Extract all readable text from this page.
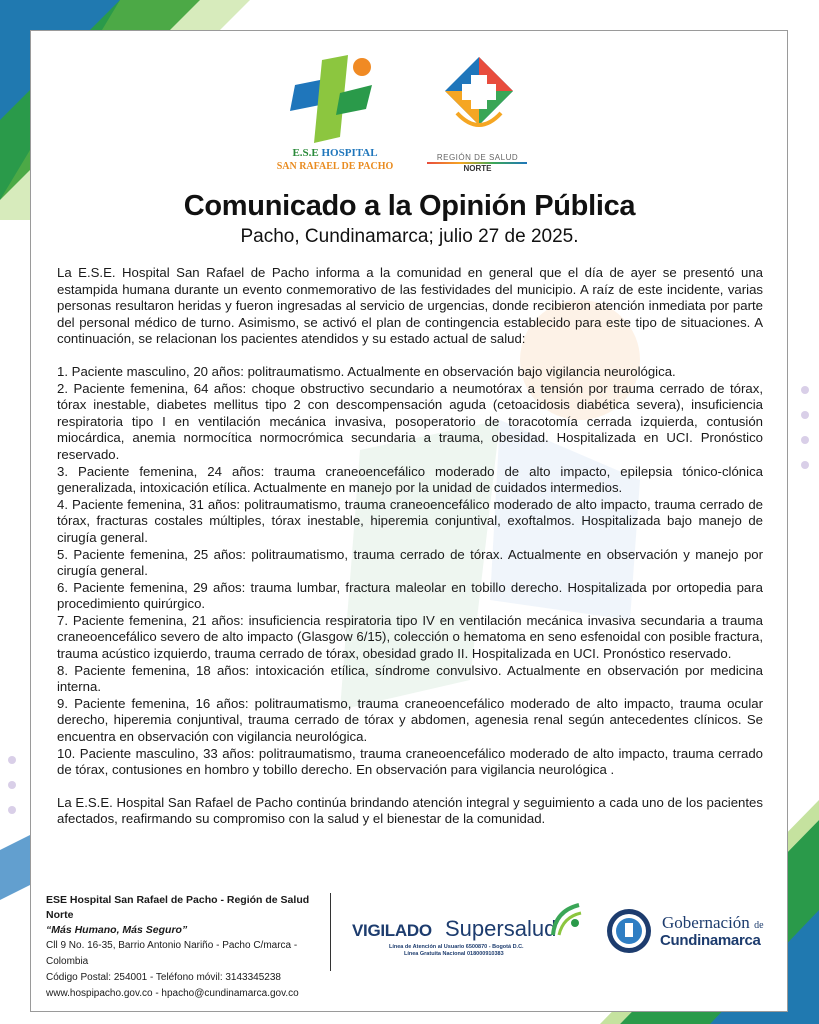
E.S.E HOSPITAL
SAN RAFAEL DE PACHO
REGIÓN DE SALUD
NORTE
Comunicado a la Opinión Pública
Pacho, Cundinamarca; julio 27 de 2025.

La E.S.E. Hospital San Rafael de Pacho informa a la comunidad en general que el día de ayer se presentó una estampida humana durante un evento conmemorativo de las festividades del municipio. A raíz de este incidente, varias personas resultaron heridas y fueron ingresadas al servicio de urgencias, donde recibieron atención inmediata por parte del personal médico de turno. Asimismo, se activó el plan de contingencia establecido para este tipo de situaciones. A continuación, se relacionan los pacientes atendidos y su estado actual de salud:

1. Paciente masculino, 20 años: politraumatismo. Actualmente en observación bajo vigilancia neurológica.
2. Paciente femenina, 64 años: choque obstructivo secundario a neumotórax a tensión por trauma cerrado de tórax, tórax inestable, diabetes mellitus tipo 2 con descompensación aguda (cetoacidosis diabética severa), insuficiencia respiratoria tipo I en ventilación mecánica invasiva, posoperatorio de toracotomía cerrada izquierda, contusión miocárdica, anemia normocítica normocrómica secundaria a trauma, obesidad. Hospitalizada en UCI. Pronóstico reservado.
3. Paciente femenina, 24 años: trauma craneoencefálico moderado de alto impacto, epilepsia tónico-clónica generalizada, intoxicación etílica. Actualmente en manejo por la unidad de cuidados intermedios.
4. Paciente femenina, 31 años: politraumatismo, trauma craneoencefálico moderado de alto impacto, trauma cerrado de tórax, fracturas costales múltiples, tórax inestable, hiperemia conjuntival, exoftalmos. Hospitalizada bajo manejo de cirugía general.
5. Paciente femenina, 25 años: politraumatismo, trauma cerrado de tórax. Actualmente en observación y manejo por cirugía general.
6. Paciente femenina, 29 años: trauma lumbar, fractura maleolar en tobillo derecho. Hospitalizada por ortopedia para procedimiento quirúrgico.
7. Paciente femenina, 21 años: insuficiencia respiratoria tipo IV en ventilación mecánica invasiva secundaria a trauma craneoencefálico severo de alto impacto (Glasgow 6/15), colección o hematoma en seno esfenoidal con posible fractura, trauma acústico izquierdo, trauma cerrado de tórax, obesidad grado II. Hospitalizada en UCI. Pronóstico reservado.
8. Paciente femenina, 18 años: intoxicación etílica, síndrome convulsivo. Actualmente en observación por medicina interna.
9. Paciente femenina, 16 años: politraumatismo, trauma craneoencefálico moderado de alto impacto, trauma ocular derecho, hiperemia conjuntival, trauma cerrado de tórax y abdomen, agenesia renal según antecedentes clínicos. Se encuentra en observación con vigilancia neurológica.
10. Paciente masculino, 33 años: politraumatismo, trauma craneoencefálico moderado de alto impacto, trauma cerrado de tórax, contusiones en hombro y tobillo derecho. En observación para vigilancia neurológica .

La E.S.E. Hospital San Rafael de Pacho continúa brindando atención integral y seguimiento a cada uno de los pacientes afectados, reafirmando su compromiso con la salud y el bienestar de la comunidad.

ESE Hospital San Rafael de Pacho - Región de Salud Norte
“Más Humano, Más Seguro”
Cll 9 No. 16-35, Barrio Antonio Nariño - Pacho C/marca - Colombia
Código Postal: 254001 - Teléfono móvil: 3143345238
www.hospipacho.gov.co - hpacho@cundinamarca.gov.co
VIGILADO Supersalud
Línea de Atención al Usuario 6500870 - Bogotá D.C.
Línea Gratuita Nacional 018000910383
Gobernación de
Cundinamarca
